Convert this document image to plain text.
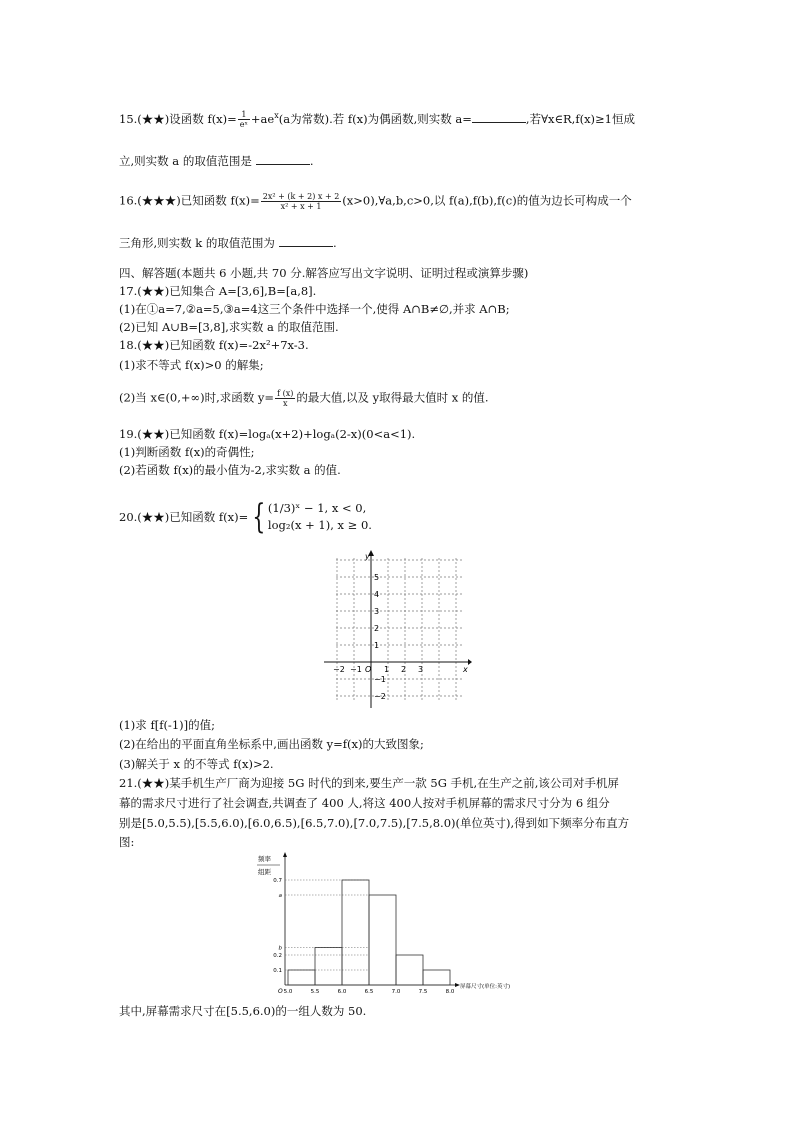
15.(★★)设函数 $f(x)= \frac{1}{\text{eˣ}} +ae^x(a$为常数).若 f(x)为偶函数,则实数 a=	,若∀x∈R,f(x)≥1恒成
立,则实数 a 的取值范围是	.
16.(★★★)已知函数 $f(x)= \frac{\text{2x² + (k + 2) x + 2}}{\text{x² + x + 1}}$ (x>0),∀a,b,c>0,以 f(a),f(b),f(c)的值为边长可构成一个
三角形,则实数 k 的取值范围为	.
四、解答题(本题共 6 小题,共 70 分.解答应写出文字说明、证明过程或演算步骤)
17.(★★)已知集合 A=[3,6],B=[a,8].
(1)在①a=7,②a=5,③a=4这三个条件中选择一个,使得 A∩B≠∅,并求 A∩B;
(2)已知 A∪B=[3,8],求实数 a 的取值范围.
18.(★★)已知函数 f(x)=-2x²+7x-3.
(1)求不等式 f(x)>0 的解集;
(2)当 x∈(0,+∞)时,求函数 $y= \frac{f (x)}{x}$ 的最大值,以及 y取得最大值时 x 的值.
19.(★★)已知函数 f(x)=logₐ(x+2)+logₐ(2-x)(0<a<1).
(1)判断函数 f(x)的奇偶性;
(2)若函数 f(x)的最小值为-2,求实数 a 的值.
20.(★★)已知函数 f(x)= { (1/3)ˣ − 1, x < 0,
log₂(x + 1), x ≥ 0.
y
x
O
−2 −1	1 2 3
5
4
3
2
1
−1
−2
(1)求 f[f(-1)]的值;
(2)在给出的平面直角坐标系中,画出函数 y=f(x)的大致图象;
(3)解关于 x 的不等式 f(x)>2.
21.(★★)某手机生产厂商为迎接 5G 时代的到来,要生产一款 5G 手机,在生产之前,该公司对手机屏
幕的需求尺寸进行了社会调查,共调查了 400 人,将这 400人按对手机屏幕的需求尺寸分为 6 组分
别是[5.0,5.5),[5.5,6.0),[6.0,6.5),[6.5,7.0),[7.0,7.5),[7.5,8.0)(单位英寸),得到如下频率分布直方
图:
频率
组距
O
屏幕尺寸(单位:英寸)
5.0	5.5	6.0	6.5	7.0	7.5	8.0
0.7
a
b
0.2
0.1
其中,屏幕需求尺寸在[5.5,6.0)的一组人数为 50.
